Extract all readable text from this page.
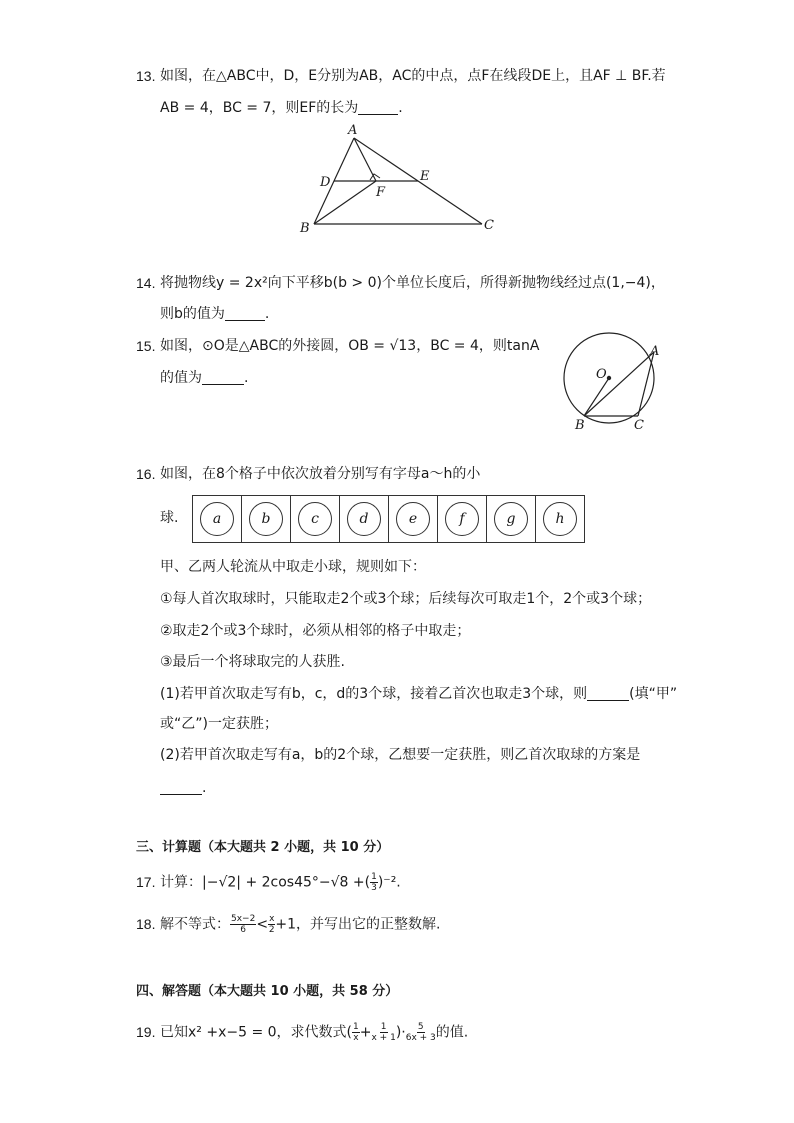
13. 如图，在△ABC中，D，E分别为AB，AC的中点，点F在线段DE上，且AF ⊥ BF.若
AB = 4，BC = 7，则EF的长为	.
A
B	C
D	E
F
14. 将抛物线y = 2x²向下平移b(b > 0)个单位长度后，所得新抛物线经过点(1,−4)，
则b的值为	.
15. 如图，⊙O是△ABC的外接圆，OB = √13，BC = 4，则tanA
的值为	.	O
A
B	C
16. 如图，在8个格子中依次放着分别写有字母a～h的小
球.	a	b	c	d	e	f	g	h
甲、乙两人轮流从中取走小球，规则如下：
①每人首次取球时，只能取走2个或3个球；后续每次可取走1个，2个或3个球；
②取走2个或3个球时，必须从相邻的格子中取走；
③最后一个将球取完的人获胜.
(1)若甲首次取走写有b，c，d的3个球，接着乙首次也取走3个球，则	(填“甲”
或“乙”)一定获胜；
(2)若甲首次取走写有a，b的2个球，乙想要一定获胜，则乙首次取球的方案是
.
三、计算题（本大题共 2 小题，共 10 分）
17. 计算：|−√2| + 2cos45°−√8 +( $\frac{1}{3} )^{-2}$.
18. 解不等式： $\frac{5x-2}{6} < \frac{x}{2} +1$，并写出它的正整数解.
四、解答题（本大题共 10 小题，共 58 分）
19. 已知x² +x−5 = 0，求代数式( $\frac{1}{x} + \frac{1}{x + 1}$ )· $\frac{5}{6x + 3}$ 的值.
